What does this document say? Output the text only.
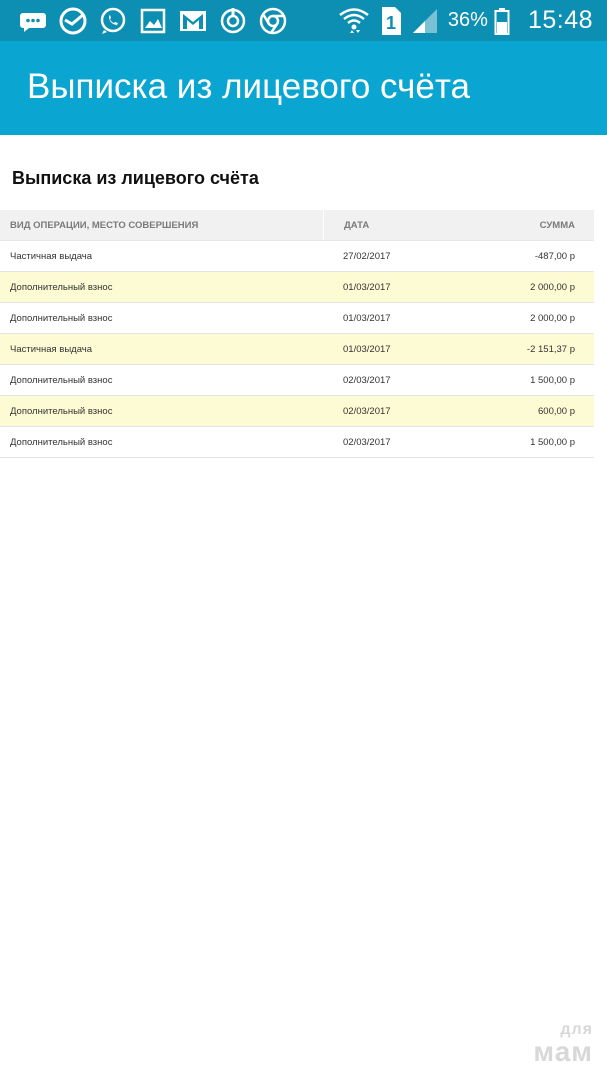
1	36% 15:48
Выписка из лицевого счёта
Выписка из лицевого счёта
ВИД ОПЕРАЦИИ, МЕСТО СОВЕРШЕНИЯ	ДАТА	СУММА
Частичная выдача	27/02/2017	-487,00 р
Дополнительный взнос	01/03/2017	2 000,00 р
Дополнительный взнос	01/03/2017	2 000,00 р
Частичная выдача	01/03/2017	-2 151,37 р
Дополнительный взнос	02/03/2017	1 500,00 р
Дополнительный взнос	02/03/2017	600,00 р
Дополнительный взнос	02/03/2017	1 500,00 р
для
мам
